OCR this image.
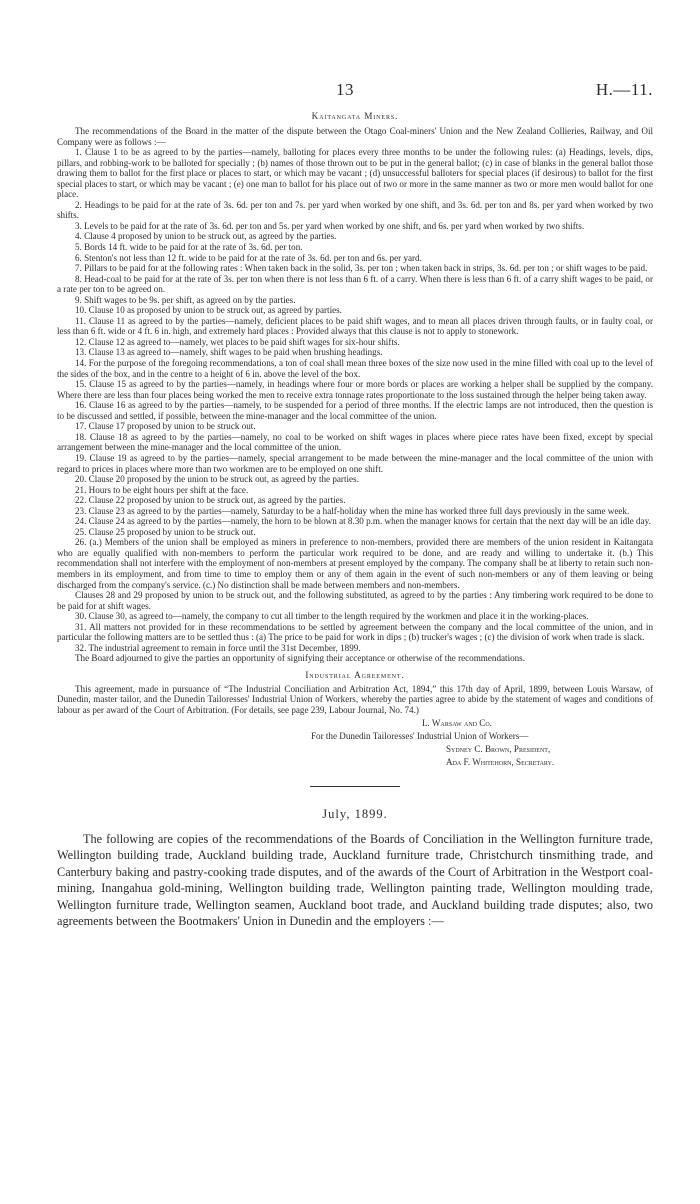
13	H.—11.
Kaitangata Miners.

The recommendations of the Board in the matter of the dispute between the Otago Coal-miners' Union and the New Zealand Collieries, Railway, and Oil Company were as follows :—

1. Clause 1 to be as agreed to by the parties—namely, balloting for places every three months to be under the following rules: (a) Headings, levels, dips, pillars, and robbing-work to be balloted for specially ; (b) names of those thrown out to be put in the general ballot; (c) in case of blanks in the general ballot those drawing them to ballot for the first place or places to start, or which may be vacant ; (d) unsuccessful balloters for special places (if desirous) to ballot for the first special places to start, or which may be vacant ; (e) one man to ballot for his place out of two or more in the same manner as two or more men would ballot for one place.

2. Headings to be paid for at the rate of 3s. 6d. per ton and 7s. per yard when worked by one shift, and 3s. 6d. per ton and 8s. per yard when worked by two shifts.

3. Levels to be paid for at the rate of 3s. 6d. per ton and 5s. per yard when worked by one shift, and 6s. per yard when worked by two shifts.

4. Clause 4 proposed by union to be struck out, as agreed by the parties.

5. Bords 14 ft. wide to be paid for at the rate of 3s. 6d. per ton.

6. Stenton's not less than 12 ft. wide to be paid for at the rate of 3s. 6d. per ton and 6s. per yard.

7. Pillars to be paid for at the following rates : When taken back in the solid, 3s. per ton ; when taken back in strips, 3s. 6d. per ton ; or shift wages to be paid.

8. Head-coal to be paid for at the rate of 3s. per ton when there is not less than 6 ft. of a carry. When there is less than 6 ft. of a carry shift wages to be paid, or a rate per ton to be agreed on.

9. Shift wages to be 9s. per shift, as agreed on by the parties.

10. Clause 10 as proposed by union to be struck out, as agreed by parties.

11. Clause 11 as agreed to by the parties—namely, deficient places to be paid shift wages, and to mean all places driven through faults, or in faulty coal, or less than 6 ft. wide or 4 ft. 6 in. high, and extremely hard places : Provided always that this clause is not to apply to stonework.

12. Clause 12 as agreed to—namely, wet places to be paid shift wages for six-hour shifts.

13. Clause 13 as agreed to—namely, shift wages to be paid when brushing headings.

14. For the purpose of the foregoing recommendations, a ton of coal shall mean three boxes of the size now used in the mine filled with coal up to the level of the sides of the box, and in the centre to a height of 6 in. above the level of the box.

15. Clause 15 as agreed to by the parties—namely, in headings where four or more bords or places are working a helper shall be supplied by the company. Where there are less than four places being worked the men to receive extra tonnage rates proportionate to the loss sustained through the helper being taken away.

16. Clause 16 as agreed to by the parties—namely, to be suspended for a period of three months. If the electric lamps are not introduced, then the question is to be discussed and settled, if possible, between the mine-manager and the local committee of the union.

17. Clause 17 proposed by union to be struck out.

18. Clause 18 as agreed to by the parties—namely, no coal to be worked on shift wages in places where piece rates have been fixed, except by special arrangement between the mine-manager and the local committee of the union.

19. Clause 19 as agreed to by the parties—namely, special arrangement to be made between the mine-manager and the local committee of the union with regard to prices in places where more than two workmen are to be employed on one shift.

20. Clause 20 proposed by the union to be struck out, as agreed by the parties.

21. Hours to be eight hours per shift at the face.

22. Clause 22 proposed by union to be struck out, as agreed by the parties.

23. Clause 23 as agreed to by the parties—namely, Saturday to be a half-holiday when the mine has worked three full days previously in the same week.

24. Clause 24 as agreed to by the parties—namely, the horn to be blown at 8.30 p.m. when the manager knows for certain that the next day will be an idle day.

25. Clause 25 proposed by union to be struck out.

26. (a.) Members of the union shall be employed as miners in preference to non-members, provided there are members of the union resident in Kaitangata who are equally qualified with non-members to perform the particular work required to be done, and are ready and willing to undertake it. (b.) This recommendation shall not interfere with the employment of non-members at present employed by the company. The company shall be at liberty to retain such non-members in its employment, and from time to time to employ them or any of them again in the event of such non-members or any of them leaving or being discharged from the company's service. (c.) No distinction shall be made between members and non-members.

Clauses 28 and 29 proposed by union to be struck out, and the following substituted, as agreed to by the parties : Any timbering work required to be done to be paid for at shift wages.

30. Clause 30, as agreed to—namely, the company to cut all timber to the length required by the workmen and place it in the working-places.

31. All matters not provided for in these recommendations to be settled by agreement between the company and the local committee of the union, and in particular the following matters are to be settled thus : (a) The price to be paid for work in dips ; (b) trucker's wages ; (c) the division of work when trade is slack.

32. The industrial agreement to remain in force until the 31st December, 1899.

The Board adjourned to give the parties an opportunity of signifying their acceptance or otherwise of the recommendations.

Industrial Agreement.

This agreement, made in pursuance of “The Industrial Conciliation and Arbitration Act, 1894,” this 17th day of April, 1899, between Louis Warsaw, of Dunedin, master tailor, and the Dunedin Tailoresses' Industrial Union of Workers, whereby the parties agree to abide by the statement of wages and conditions of labour as per award of the Court of Arbitration. (For details, see page 239, Labour Journal, No. 74.)

L. Warsaw and Co.
For the Dunedin Tailoresses' Industrial Union of Workers—
Sydney C. Brown, President,
Ada F. Whitehorn, Secretary.
July, 1899.

The following are copies of the recommendations of the Boards of Conciliation in the Wellington furniture trade, Wellington building trade, Auckland building trade, Auckland furniture trade, Christchurch tinsmithing trade, and Canterbury baking and pastry-cooking trade disputes, and of the awards of the Court of Arbitration in the Westport coal-mining, Inangahua gold-mining, Wellington building trade, Wellington painting trade, Wellington moulding trade, Wellington furniture trade, Wellington seamen, Auckland boot trade, and Auckland building trade disputes; also, two agreements between the Bootmakers' Union in Dunedin and the employers :—
